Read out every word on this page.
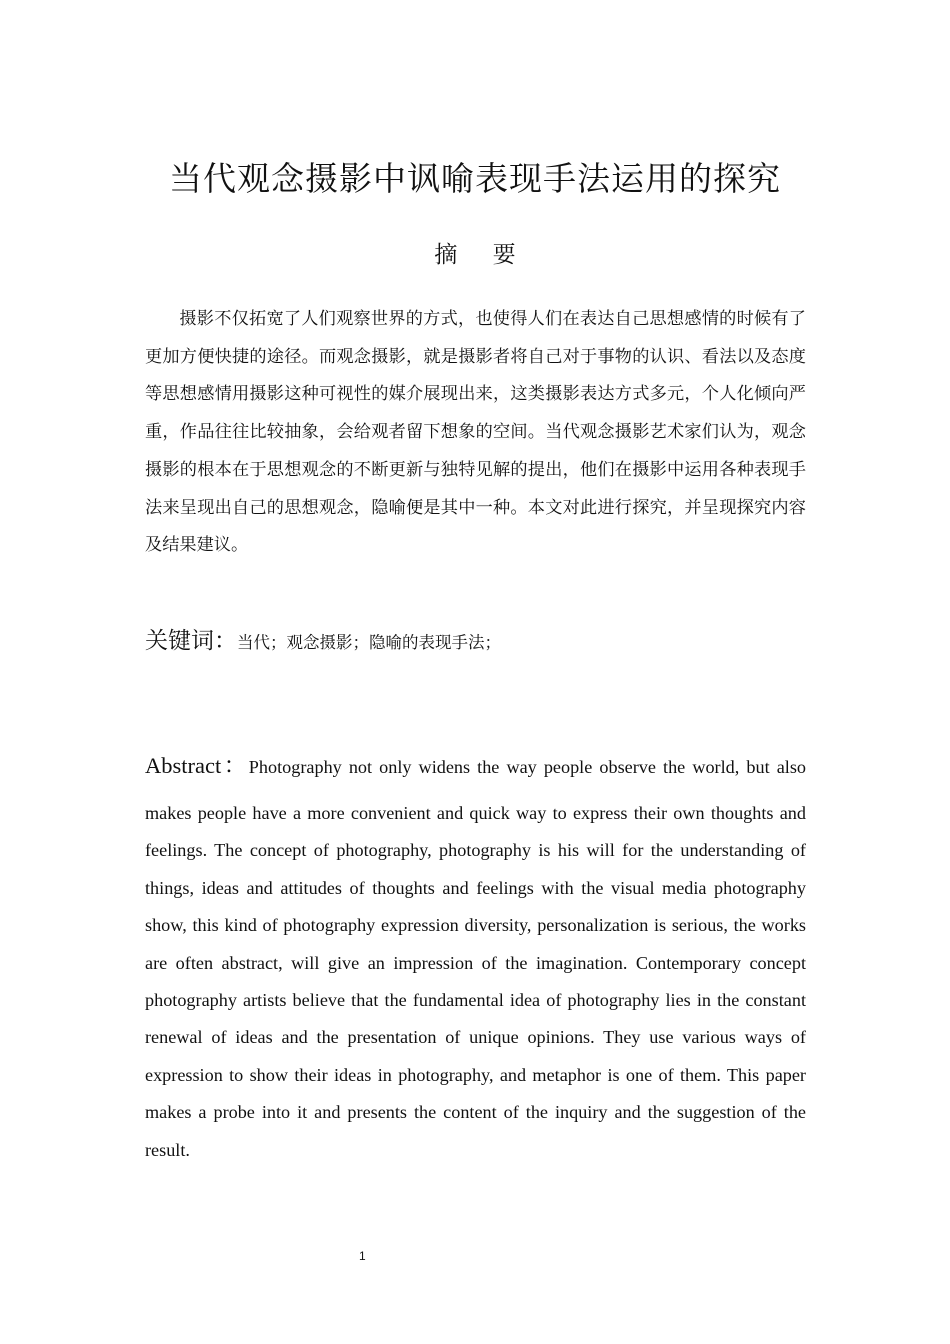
当代观念摄影中讽喻表现手法运用的探究
摘 要

摄影不仅拓宽了人们观察世界的方式，也使得人们在表达自己思想感情的时候有了更加方便快捷的途径。而观念摄影，就是摄影者将自己对于事物的认识、看法以及态度等思想感情用摄影这种可视性的媒介展现出来，这类摄影表达方式多元，个人化倾向严重，作品往往比较抽象，会给观者留下想象的空间。当代观念摄影艺术家们认为，观念摄影的根本在于思想观念的不断更新与独特见解的提出，他们在摄影中运用各种表现手法来呈现出自己的思想观念，隐喻便是其中一种。本文对此进行探究，并呈现探究内容及结果建议。

关键词：当代；观念摄影；隐喻的表现手法；
Abstract：Photography not only widens the way people observe the world, but also
makes people have a more convenient and quick way to express their own thoughts and feelings. The concept of photography, photography is his will for the understanding of things, ideas and attitudes of thoughts and feelings with the visual media photography show, this kind of photography expression diversity, personalization is serious, the works are often abstract, will give an impression of the imagination. Contemporary concept photography artists believe that the fundamental idea of photography lies in the constant renewal of ideas and the presentation of unique opinions. They use various ways of expression to show their ideas in photography, and metaphor is one of them. This paper makes a probe into it and presents the content of the inquiry and the suggestion of the result.
1
